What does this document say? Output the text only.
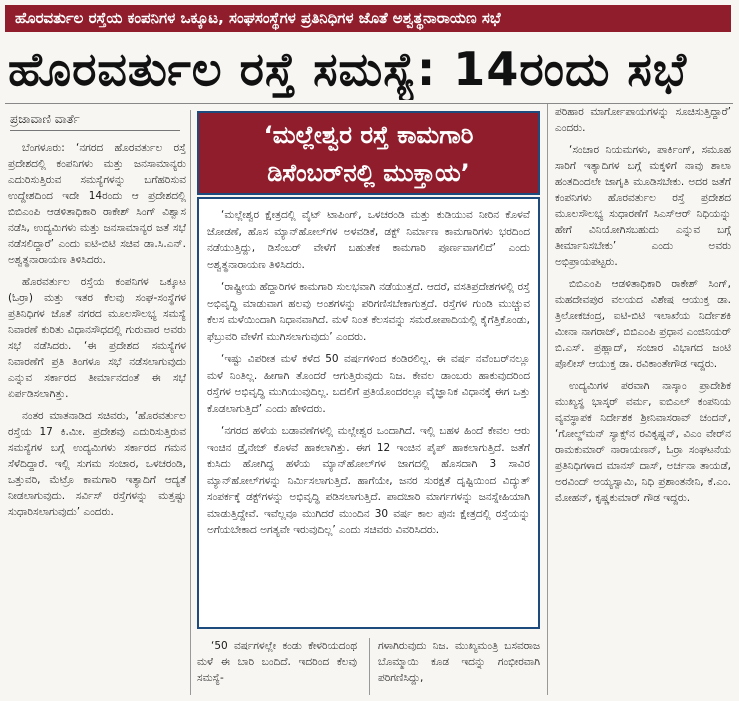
ಹೊರವರ್ತುಲ ರಸ್ತೆಯ ಕಂಪನಿಗಳ ಒಕ್ಕೂಟ, ಸಂಘಸಂಸ್ಥೆಗಳ ಪ್ರತಿನಿಧಿಗಳ ಜೊತೆ ಅಶ್ವತ್ಥನಾರಾಯಣ ಸಭೆ
ಹೊರವರ್ತುಲ ರಸ್ತೆ ಸಮಸ್ಯೆ: 14ರಂದು ಸಭೆ
ಪ್ರಜಾವಾಣಿ ವಾರ್ತೆ

ಬೆಂಗಳೂರು: ‘ನಗರದ ಹೊರವರ್ತುಲ ರಸ್ತೆ ಪ್ರದೇಶದಲ್ಲಿ ಕಂಪನಿಗಳು ಮತ್ತು ಜನಸಾಮಾನ್ಯರು ಎದುರಿಸುತ್ತಿರುವ ಸಮಸ್ಯೆಗಳನ್ನು ಬಗೆಹರಿಸುವ ಉದ್ದೇಶದಿಂದ ಇದೇ 14ರಂದು ಆ ಪ್ರದೇಶದಲ್ಲಿ ಬಿಬಿಎಂಪಿ ಆಡಳಿತಾಧಿಕಾರಿ ರಾಕೇಶ್ ಸಿಂಗ್ ವಿಶ್ವಾಸ ನಡೆಸಿ, ಉದ್ಯಮಿಗಳು ಮತ್ತು ಜನಸಾಮಾನ್ಯರ ಜತೆ ಸಭೆ ನಡೆಸಲಿದ್ದಾರೆ’ ಎಂದು ಐಟಿ-ಬಿಟಿ ಸಚಿವ ಡಾ.ಸಿ.ಎನ್. ಅಶ್ವತ್ಥನಾರಾಯಣ ತಿಳಿಸಿದರು.

ಹೊರವರ್ತುಲ ರಸ್ತೆಯ ಕಂಪನಿಗಳ ಒಕ್ಕೂಟ (ಓರ್ರಾ) ಮತ್ತು ಇತರ ಕೆಲವು ಸಂಘ-ಸಂಸ್ಥೆಗಳ ಪ್ರತಿನಿಧಿಗಳ ಜೊತೆ ನಗರದ ಮೂಲಸೌಲಭ್ಯ ಸಮಸ್ಯೆ ನಿವಾರಣೆ ಕುರಿತು ವಿಧಾನಸೌಧದಲ್ಲಿ ಗುರುವಾರ ಅವರು ಸಭೆ ನಡೆಸಿದರು. ‘ಈ ಪ್ರದೇಶದ ಸಮಸ್ಯೆಗಳ ನಿವಾರಣೆಗೆ ಪ್ರತಿ ತಿಂಗಳೂ ಸಭೆ ನಡೆಸಲಾಗುವುದು ಎನ್ನುವ ಸರ್ಕಾರದ ತೀರ್ಮಾನದಂತೆ ಈ ಸಭೆ ಏರ್ಪಡಿಸಲಾಗಿತ್ತು.

ನಂತರ ಮಾತನಾಡಿದ ಸಚಿವರು, ‘ಹೊರವರ್ತುಲ ರಸ್ತೆಯ 17 ಕಿ.ಮೀ. ಪ್ರದೇಶವು ಎದುರಿಸುತ್ತಿರುವ ಸಮಸ್ಯೆಗಳ ಬಗ್ಗೆ ಉದ್ಯಮಿಗಳು ಸರ್ಕಾರದ ಗಮನ ಸೆಳೆದಿದ್ದಾರೆ. ಇಲ್ಲಿ ಸುಗಮ ಸಂಚಾರ, ಒಳಚರಂಡಿ, ಒತ್ತುವರಿ, ಮೆಟ್ರೊ ಕಾಮಗಾರಿ ಇತ್ಯಾದಿಗೆ ಆದ್ಯತೆ ನೀಡಲಾಗುವುದು. ಸರ್ವಿಸ್ ರಸ್ತೆಗಳನ್ನು ಮತ್ತಷ್ಟು ಸುಧಾರಿಸಲಾಗುವುದು’ ಎಂದರು.

‘ಮಲ್ಲೇಶ್ವರ ರಸ್ತೆ ಕಾಮಗಾರಿ
ಡಿಸೆಂಬರ್‌ನಲ್ಲಿ ಮುಕ್ತಾಯ’

‘ಮಲ್ಲೇಶ್ವರ ಕ್ಷೇತ್ರದಲ್ಲಿ ವೈಟ್ ಟಾಪಿಂಗ್, ಒಳಚರಂಡಿ ಮತ್ತು ಕುಡಿಯುವ ನೀರಿನ ಕೊಳವೆ ಜೋಡಣೆ, ಹೊಸ ಮ್ಯಾನ್‌ಹೋಲ್‌ಗಳ ಅಳವಡಿಕೆ, ಡಕ್ಟ್ ನಿರ್ಮಾಣ ಕಾಮಗಾರಿಗಳು ಭರದಿಂದ ನಡೆಯುತ್ತಿದ್ದು, ಡಿಸೆಂಬರ್ ವೇಳೆಗೆ ಬಹುತೇಕ ಕಾಮಗಾರಿ ಪೂರ್ಣವಾಗಲಿದೆ’ ಎಂದು ಅಶ್ವತ್ಥನಾರಾಯಣ ತಿಳಿಸಿದರು.

‘ರಾಷ್ಟ್ರೀಯ ಹೆದ್ದಾರಿಗಳ ಕಾಮಗಾರಿ ಸುಲಭವಾಗಿ ನಡೆಯುತ್ತದೆ. ಆದರೆ, ವಸತಿಪ್ರದೇಶಗಳಲ್ಲಿ ರಸ್ತೆ ಅಭಿವೃದ್ಧಿ ಮಾಡುವಾಗ ಹಲವು ಅಂಶಗಳನ್ನು ಪರಿಗಣಿಸಬೇಕಾಗುತ್ತದೆ. ರಸ್ತೆಗಳ ಗುಂಡಿ ಮುಚ್ಚುವ ಕೆಲಸ ಮಳೆಯಿಂದಾಗಿ ನಿಧಾನವಾಗಿದೆ. ಮಳೆ ನಿಂತ ಕೆಲಸವನ್ನು ಸಮರೋಪಾದಿಯಲ್ಲಿ ಕೈಗೆತ್ತಿಕೊಂಡು, ಫೆಬ್ರುವರಿ ವೇಳೆಗೆ ಮುಗಿಸಲಾಗುವುದು’ ಎಂದರು.

‘ಇಷ್ಟು ವಿಪರೀತ ಮಳೆ ಕಳೆದ 50 ವರ್ಷಗಳಿಂದ ಕಂಡಿರಲಿಲ್ಲ. ಈ ವರ್ಷ ನವೆಂಬರ್‌ನಲ್ಲೂ ಮಳೆ ನಿಂತಿಲ್ಲ. ಹೀಗಾಗಿ ತೊಂದರೆ ಆಗುತ್ತಿರುವುದು ನಿಜ. ಕೇವಲ ಡಾಂಬರು ಹಾಕುವುದರಿಂದ ರಸ್ತೆಗಳ ಅಭಿವೃದ್ಧಿ ಮುಗಿಯುವುದಿಲ್ಲ. ಬದಲಿಗೆ ಪ್ರತಿಯೊಂದರಲ್ಲೂ ವೈಜ್ಞಾನಿಕ ವಿಧಾನಕ್ಕೆ ಈಗ ಒತ್ತು ಕೊಡಲಾಗುತ್ತಿದೆ’ ಎಂದು ಹೇಳಿದರು.

‘ನಗರದ ಹಳೆಯ ಬಡಾವಣೆಗಳಲ್ಲಿ ಮಲ್ಲೇಶ್ವರ ಒಂದಾಗಿದೆ. ಇಲ್ಲಿ ಬಹಳ ಹಿಂದೆ ಕೇವಲ ಆರು ಇಂಚಿನ ಡ್ರೈನೇಜ್ ಕೊಳವೆ ಹಾಕಲಾಗಿತ್ತು. ಈಗ 12 ಇಂಚಿನ ಪೈಪ್ ಹಾಕಲಾಗುತ್ತಿದೆ. ಜತೆಗೆ ಕುಸಿದು ಹೋಗಿದ್ದ ಹಳೆಯ ಮ್ಯಾನ್‌ಹೋಲ್‌ಗಳ ಜಾಗದಲ್ಲಿ ಹೊಸದಾಗಿ 3 ಸಾವಿರ ಮ್ಯಾನ್‌ಹೋಲ್‌ಗಳನ್ನು ನಿರ್ಮಿಸಲಾಗುತ್ತಿದೆ. ಹಾಗೆಯೇ, ಜನರ ಸುರಕ್ಷತೆ ದೃಷ್ಟಿಯಿಂದ ವಿದ್ಯುತ್ ಸಂಪರ್ಕಕ್ಕೆ ಡಕ್ಟ್‌ಗಳನ್ನು ಅಭಿವೃದ್ಧಿ ಪಡಿಸಲಾಗುತ್ತಿದೆ. ಪಾದಚಾರಿ ಮಾರ್ಗಗಳನ್ನು ಜನಸ್ನೇಹಿಯಾಗಿ ಮಾಡುತ್ತಿದ್ದೇವೆ. ಇವೆಲ್ಲವೂ ಮುಗಿದರೆ ಮುಂದಿನ 30 ವರ್ಷ ಕಾಲ ಪುನಃ ಕ್ಷೇತ್ರದಲ್ಲಿ ರಸ್ತೆಯನ್ನು ಅಗೆಯಬೇಕಾದ ಅಗತ್ಯವೇ ಇರುವುದಿಲ್ಲ’ ಎಂದು ಸಚಿವರು ವಿವರಿಸಿದರು.

‘50 ವರ್ಷಗಳಲ್ಲೇ ಕಂಡು ಕೇಳರಿಯದಂಥ ಮಳೆ ಈ ಬಾರಿ ಬಂದಿದೆ. ಇದರಿಂದ ಕೆಲವು ಸಮಸ್ಯೆ-

ಗಳಾಗಿರುವುದು ನಿಜ. ಮುಖ್ಯಮಂತ್ರಿ ಬಸವರಾಜ ಬೊಮ್ಮಾಯಿ ಕೂಡ ಇದನ್ನು ಗಂಭೀರವಾಗಿ ಪರಿಗಣಿಸಿದ್ದು,

ಪರಿಹಾರ ಮಾರ್ಗೋಪಾಯಗಳನ್ನು ಸೂಚಿಸುತ್ತಿದ್ದಾರೆ’ ಎಂದರು.

‘ಸಂಚಾರ ನಿಯಮಗಳು, ಪಾರ್ಕಿಂಗ್, ಸಮೂಹ ಸಾರಿಗೆ ಇತ್ಯಾದಿಗಳ ಬಗ್ಗೆ ಮಕ್ಕಳಿಗೆ ನಾವು ಶಾಲಾ ಹಂತದಿಂದಲೇ ಜಾಗೃತಿ ಮೂಡಿಸಬೇಕು. ಅದರ ಜತೆಗೆ ಕಂಪನಿಗಳು ಹೊರವರ್ತುಲ ರಸ್ತೆ ಪ್ರದೇಶದ ಮೂಲಸೌಲಭ್ಯ ಸುಧಾರಣೆಗೆ ಸಿಎಸ್‌ಆರ್ ನಿಧಿಯನ್ನು ಹೇಗೆ ವಿನಿಯೋಗಿಸಬಹುದು ಎನ್ನುವ ಬಗ್ಗೆ ತೀರ್ಮಾನಿಸಬೇಕು’ ಎಂದು ಅವರು ಅಭಿಪ್ರಾಯಪಟ್ಟರು.

ಬಿಬಿಎಂಪಿ ಆಡಳಿತಾಧಿಕಾರಿ ರಾಕೇಶ್ ಸಿಂಗ್, ಮಹದೇವಪುರ ವಲಯದ ವಿಶೇಷ ಆಯುಕ್ತ ಡಾ. ತ್ರಿಲೋಕಚಂದ್ರ, ಐಟಿ-ಬಿಟಿ ಇಲಾಖೆಯ ನಿರ್ದೇಶಕಿ ಮೀನಾ ನಾಗರಾಜ್, ಬಿಬಿಎಂಪಿ ಪ್ರಧಾನ ಎಂಜಿನಿಯರ್ ಬಿ.ಎಸ್. ಪ್ರಹ್ಲಾದ್, ಸಂಚಾರ ವಿಭಾಗದ ಜಂಟಿ ಪೊಲೀಸ್ ಆಯುಕ್ತ ಡಾ. ರವಿಕಾಂತೇಗೌಡ ಇದ್ದರು.

ಉದ್ಯಮಿಗಳ ಪರವಾಗಿ ನಾಸ್ಕಾಂ ಪ್ರಾದೇಶಿಕ ಮುಖ್ಯಸ್ಥ ಭಾಸ್ಕರ್ ವರ್ಮ, ಐಬಿಎಲ್ ಕಂಪನಿಯ ವ್ಯವಸ್ಥಾಪಕ ನಿರ್ದೇಶಕ ಶ್ರೀನಿವಾಸರಾವ್ ಚಂದನ್, ‘ಗೋಲ್ಡ್‌ಮನ್ ಸ್ಯಾಕ್ಸ್‌ನ ರವಿಕೃಷ್ಣನ್, ವಿಎಂ ವೇರ್‌ನ ರಾಮಕುಮಾರ್ ನಾರಾಯಣನ್, ಓರ್ರಾ ಸಂಘಟನೆಯ ಪ್ರತಿನಿಧಿಗಳಾದ ಮಾನಸ್ ದಾಸ್, ಅರ್ಚನಾ ತಾಯಡೆ, ಅರವಿಂದ್ ಅಯ್ಯಸ್ವಾಮಿ, ನಿಧಿ ಪ್ರಶಾಂತನೇನಿ, ಕೆ.ಎಂ. ಮೋಹನ್, ಕೃಷ್ಣಕುಮಾರ್ ಗೌಡ ಇದ್ದರು.
